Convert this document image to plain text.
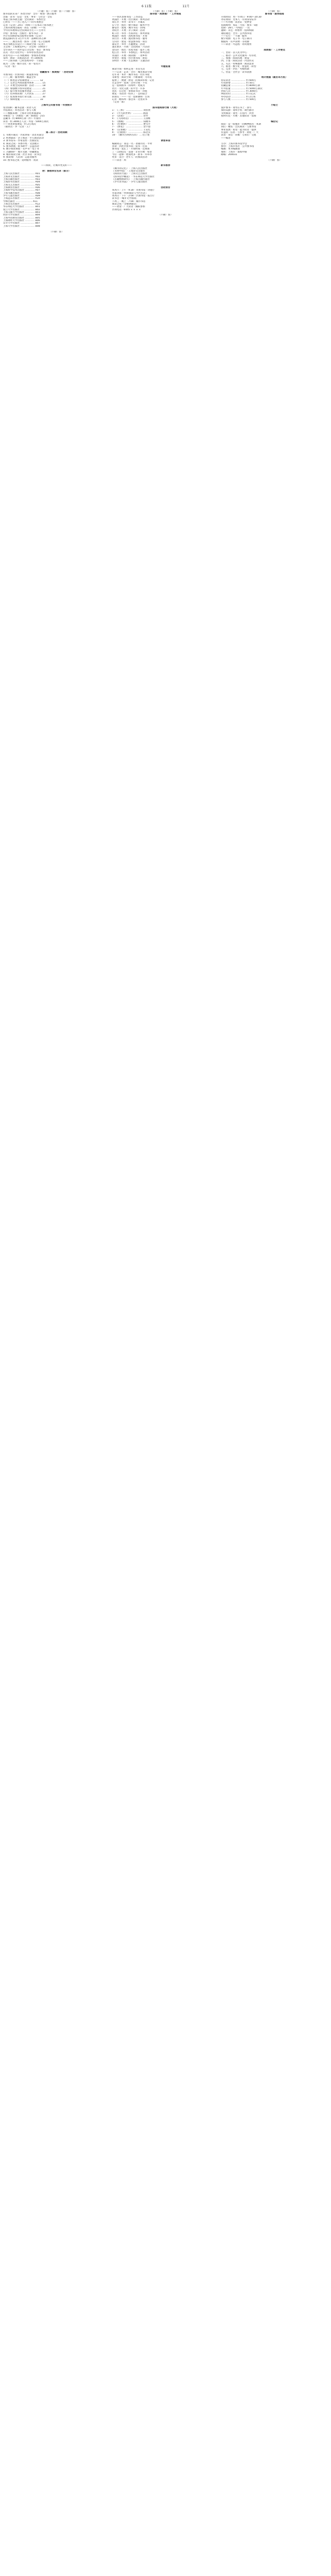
6 11版	11月
（不耐广客）（不耐广客）（不耐广客）
图书馆的未来？ 各类空间？ 全市 · 规划 · 展示服务
出版 · 读书 · 信息 · 文化 · 事业 · 与社会 · 全民
本届上海书展主题：全民阅读 · 书香社会
已经有一——为了进入——的年度展会
记者 ·（记者）24日 · 到场——在本次上海书展上
上海市新闻出版局 · 局长（徐炯）——说
今年的书展将以全民阅读为主——主办方
介绍：图书馆 · 出版社 · 新华书店 · 等
共计有500余家出版单位参展 ·（记者）
展览面积约为 3万平方米 · 品种约15万种
——……展出各类 · 图书 · 音像 · 电子出版物
本次书展首次设立——阅读空间 ·（记者）
主会场 · 上海展览中心 · 分会场 · 100余个
全市各区——同步设立分会场 · 书店 · 图书馆
以及 · 社区文化中心 · 等举办各类活动
读者可以——在书展期间 · 参加各类讲座
签售 · 朗读 · 等阅读活动 · 约 1000场
——上海书展 · 已经连续举办 · 十余届
成为 · 上海 · 城市文化 · 的一张名片
（记者 · 张）
馆藏图书 · 阅读推广 · 活动安排
市图书馆 · 区图书馆 · 街道图书馆
——三级 · 服务网络 · 覆盖全市
（一）推进总分馆制建设 ………… 12
（二）完善公共阅读服务体系 ……… 15
（三）开展全民阅读推广活动 ……… 18
（四）加强数字图书馆建设 ………… 21
（五）提升图书馆服务效能 ………… 24
（六）培养阅读推广人才队伍 ……… 27
（七）促进图书馆行业交流 ………… 30
（八）保障措施 …………………… 33
上海市公共图书馆 · 年度统计
馆舍面积 · 藏书总量 · 读者人次
外借册次 · 举办活动 · 参与人数
——数据来源：上海市文化和旅游局
市级馆 · 1 · 区级馆 · 16 · 街镇馆 · 215
总藏书 · 约 8000万册（件）· 年接待
读者 · 约 3000万人次 · 外借 · 5000万册次
——各类讲座展览 · 约 2万场次
（通讯员 · 李 · 记者 · 王）
第二部分 · 活动回顾
1. 书展开幕式 · 名家讲座 · 读者见面会
2. 经典诵读 · 亲子阅读 · 少儿阅读活动
3. 新书发布 · 作家签售 · 出版论坛
4. 阅读之夜 · 书香市集 · 文创展示
5. 图书漂流 · 捐书助学 · 公益活动
6. 数字阅读体验 · 有声书 · 电子书
7. 古籍保护 · 地方文献 · 特藏展览
8. 城市阅读空间 · 社区书房 · 读书会
9. 阅读推广人培训 · 志愿者服务
10. 图书馆之夜 · 延时服务 · 夜读
——阅读，让城市更美好——
附：参展单位名录（部分）
上海人民出版社 ……………… A01
上海译文出版社 ……………… A02
上海古籍出版社 ……………… A03
上海辞书出版社 ……………… A04
上海文艺出版社 ……………… A05
上海教育出版社 ……………… A06
上海科学技术出版社 ………… A07
上海书画出版社 ……………… A08
少年儿童出版社 ……………… A09
上海远东出版社 ……………… A10
学林出版社 ………………… A11
上海音乐出版社 ……………… A12
华东师范大学出版社 ………… B01
复旦大学出版社 ……………… B02
上海交通大学出版社 ………… B03
同济大学出版社 ……………… B04
上海外语教育出版社 ………… B05
上海财经大学出版社 ………… B06
东华大学出版社 ……………… B07
上海大学出版社 ……………… B08
（不耐广客）
（不耐广客）（不耐广客）
图书馆 · 阅读推广 · 工作简报
——各区县图书馆 · 工作动态
黄浦区 · 开展 · 社区阅读 · 系列活动
徐汇区 · 举办 · 读书节 · 开幕式
长宁区 · 推出 · 数字阅读 · 服务平台
静安区 · 建成 · 城市书房 · 10家
普陀区 · 开展 · 亲子阅读 · 活动
虹口区 · 举办 · 名家讲坛 · 系列讲座
杨浦区 · 推进 · 高校图书馆 · 开放
闵行区 · 开展 · 流动图书馆 · 服务
宝山区 · 建设 · 智慧图书馆 · 项目
嘉定区 · 举办 · 古籍展览 · 活动
浦东新区 · 开展 · 全民阅读 · 月活动
金山区 · 推出 · 农家书屋 · 提升工程
松江区 · 举办 · 书香松江 · 系列活动
青浦区 · 开展 · 阅读推广 · 进乡村
奉贤区 · 建成 · 社区图书馆 · 新馆
崇明区 · 开展 · 生态阅读 · 主题活动
专题报道
阅读空间 · 如何走进 · 市民生活
——记者 · 走访 · 全市 · 城市阅读空间
近年来 · 本市 · 城市书房 · 社区书屋
等新型 · 阅读空间 · 不断涌现 · 为市民
提供了 · 便捷 · 舒适 · 的阅读环境 · 记者
在走访中 · 发现 · 这些空间 · 不仅
是 · 借阅图书 · 的场所 · 更成为
社区 · 文化交流 · 的平台 · 许多
居民 · 在这里 · 参加读书会 · 讲座
展览 · 等活动 · 结识了 · 志同道合
的朋友 · ——一位 · 退休教师 · 告诉
记者 · 她每周 · 都会来 · 这里读书
（记者 · 陈）
图书借阅排行榜（月度）
1 · 《三体》 ………………… 刘慈欣
2 · 《平凡的世界》 ………… 路遥
3 · 《活着》 ………………… 余华
4 · 《人间词话》 …………… 王国维
5 · 《围城》 ………………… 钱锺书
6 · 《红楼梦》 ……………… 曹雪芹
7 · 《繁花》 ………………… 金宇澄
8 · 《长恨歌》 ……………… 王安忆
9 · 《白鹿原》 ……………… 陈忠实
10 · 《额尔古纳河右岸》 … 迟子建
读者来信
编辑同志：我是一名 · 普通市民 · 平时
喜欢 · 到社区图书馆 · 借书 · 近来
图书馆 · 延长了 · 开放时间 · 还增加
了 · 自助借还 · 设备 · 非常方便 · 希望
今后 · 能够 · 增加更多 · 新书 · 并举办
更多 · 适合 · 老年人 · 的阅读活动
——读者 · 周
新书推荐
《城市的记忆》 · 上海人民出版社
《书香中国》 · 上海译文出版社
《阅读的力量》 · 上海文艺出版社
《图书馆学概论》 · 华东师范大学出版社
《古籍整理研究》 · 上海古籍出版社
《少年读书法》 · 少年儿童出版社
活动预告
本周六 · 上午 · 9:30 · 市图书馆 · 讲座厅
名家讲座 ·「经典阅读与当代生活」
本周日 · 下午 · 2:00 · 区图书馆 · 报告厅
读书会 ·「城市文学漫谈」
下周三 · 晚上 · 7:00 · 城市书房
阅读之夜 ·「诗歌朗诵会」
——欢迎 · 广大读者 · 踊跃参加
咨询电话 · 6445 × × × ×
（不耐广客）
（不耐广客）
图书馆 · 服务指南
开放时间：周一至周日 · 9:00—20:30
办证须知：凭本人 · 有效身份证件
——可办理 · 读者证 · 免押金
借阅规则：每证 · 可借 · 图书 · 5册
借期 · 28天 · 可续借 · 一次
逾期 · 未还 · 将暂停 · 借阅权限
通借通还：全市 · 公共图书馆
——实行 · 一卡通 · 服务
数字资源：电子书 · 电子期刊
数据库 · 有声读物 · 等资源
——读者 · 可远程 · 访问使用
阅读推广 · 工作要点
一、坚持 · 以人民为中心
二、推动 · 公共文化服务 · 均等化
三、加强 · 阅读阵地 · 建设
四、丰富 · 阅读活动 · 内容形式
五、关注 · 特殊群体 · 阅读需求
六、推进 · 数字化 · 智慧化 · 转型
七、完善 · 评估 · 考核机制
八、营造 · 全社会 · 读书氛围
统计数据（截至本月底）
持证读者 ……………… 约 600万
年度新增 ……………… 约 50万
馆藏总量 ……………… 约 8000万册
年外借量 ……………… 约 5000万册次
到馆人次 ……………… 约 3000万
网站访问 ……………… 约 1亿次
举办活动 ……………… 约 2万场
参与人数 ……………… 约 500万
小贴士
爱护图书 · 请勿在书上 · 涂写
保持安静 · 请将手机 · 调至静音
文明阅读 · 请勿 · 在馆内 · 饮食
按时归还 · 方便 · 其他读者 · 借阅
编后记
阅读 · 是一座城市 · 的精神底色 · 本期
我们 · 聚焦 · 全民阅读 · 与图书馆
事业发展 · 希望 · 能为读者 · 提供
有益的 · 信息 · 与参考 · 欢迎 · 广大
读者 · 来信 · 来稿 · 与我们 · 交流
——编者
主办：上海市图书馆学会
协办：上海市各区 · 公共图书馆
编辑：本刊编辑部
地址：上海市 · 淮海中路
邮编：200031
（不耐广客）
